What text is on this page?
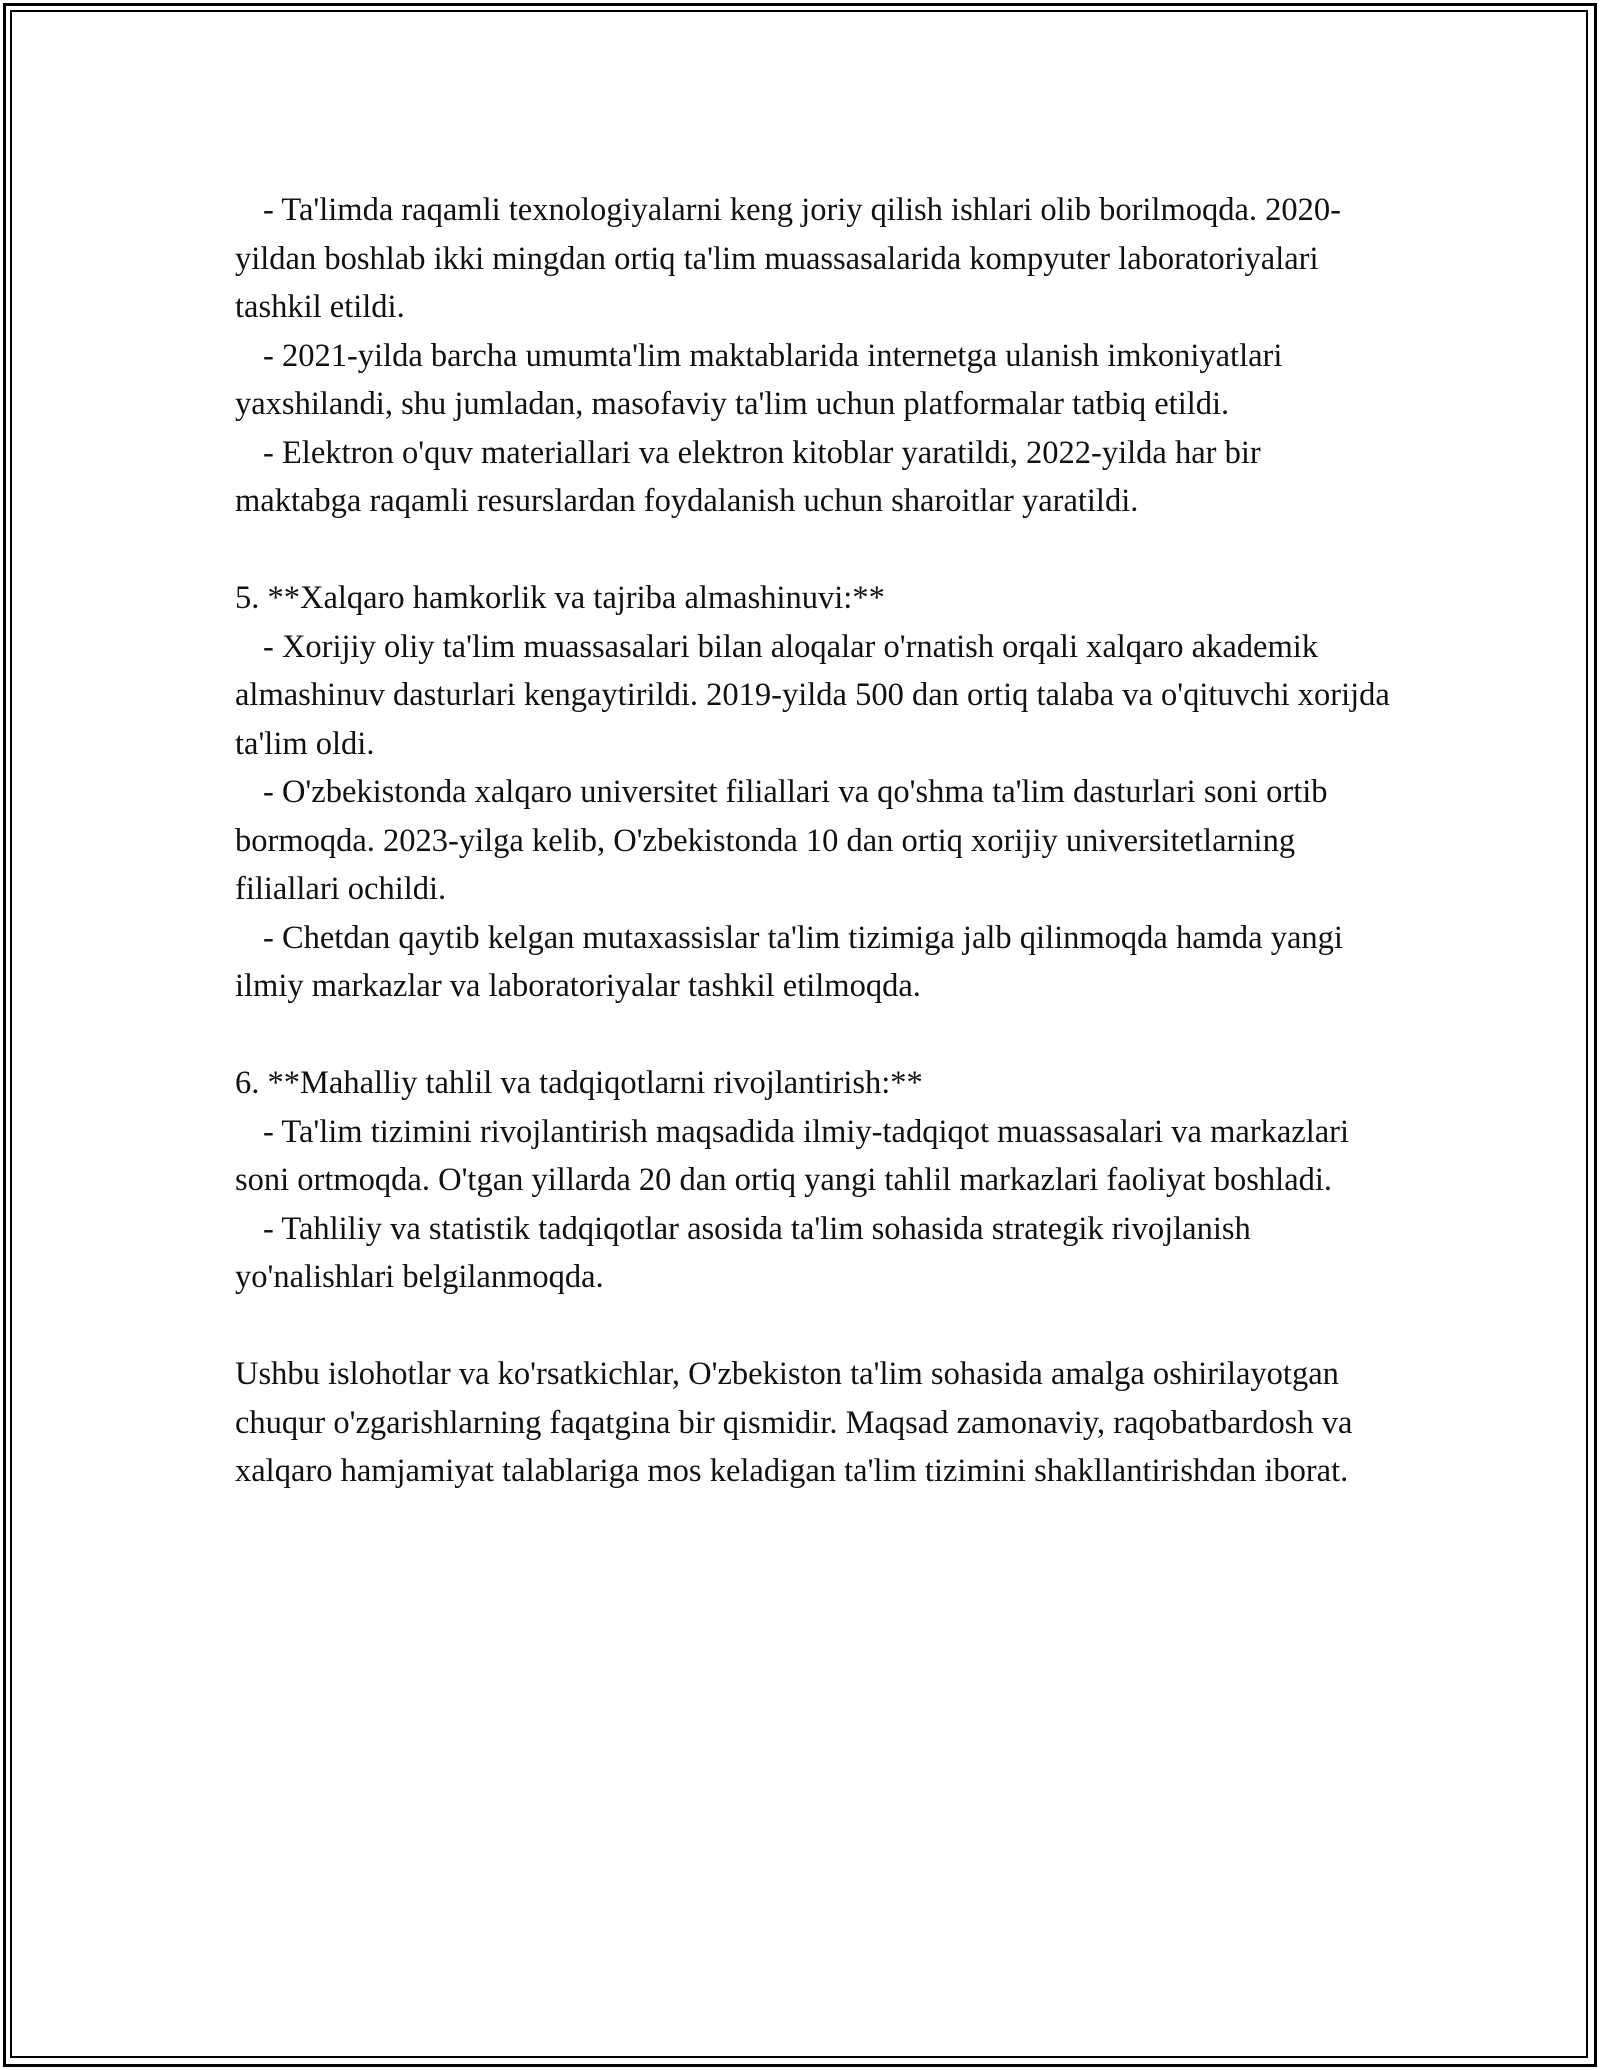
- Ta'limda raqamli texnologiyalarni keng joriy qilish ishlari olib borilmoqda. 2020-yildan boshlab ikki mingdan ortiq ta'lim muassasalarida kompyuter laboratoriyalari tashkil etildi.

- 2021-yilda barcha umumta'lim maktablarida internetga ulanish imkoniyatlari yaxshilandi, shu jumladan, masofaviy ta'lim uchun platformalar tatbiq etildi.

- Elektron o'quv materiallari va elektron kitoblar yaratildi, 2022-yilda har bir maktabga raqamli resurslardan foydalanish uchun sharoitlar yaratildi.

5. **Xalqaro hamkorlik va tajriba almashinuvi:**

- Xorijiy oliy ta'lim muassasalari bilan aloqalar o'rnatish orqali xalqaro akademik almashinuv dasturlari kengaytirildi. 2019-yilda 500 dan ortiq talaba va o'qituvchi xorijda ta'lim oldi.

- O'zbekistonda xalqaro universitet filiallari va qo'shma ta'lim dasturlari soni ortib bormoqda. 2023-yilga kelib, O'zbekistonda 10 dan ortiq xorijiy universitetlarning filiallari ochildi.

- Chetdan qaytib kelgan mutaxassislar ta'lim tizimiga jalb qilinmoqda hamda yangi ilmiy markazlar va laboratoriyalar tashkil etilmoqda.

6. **Mahalliy tahlil va tadqiqotlarni rivojlantirish:**

- Ta'lim tizimini rivojlantirish maqsadida ilmiy-tadqiqot muassasalari va markazlari soni ortmoqda. O'tgan yillarda 20 dan ortiq yangi tahlil markazlari faoliyat boshladi.

- Tahliliy va statistik tadqiqotlar asosida ta'lim sohasida strategik rivojlanish yo'nalishlari belgilanmoqda.

Ushbu islohotlar va ko'rsatkichlar, O'zbekiston ta'lim sohasida amalga oshirilayotgan chuqur o'zgarishlarning faqatgina bir qismidir. Maqsad zamonaviy, raqobatbardosh va xalqaro hamjamiyat talablariga mos keladigan ta'lim tizimini shakllantirishdan iborat.
